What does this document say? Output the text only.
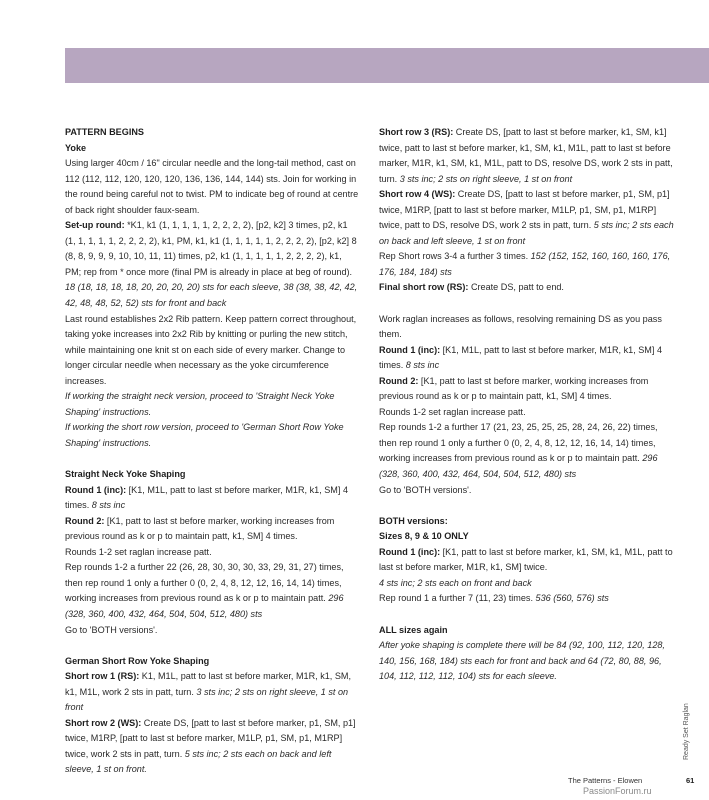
PATTERN BEGINS

Yoke

Using larger 40cm / 16" circular needle and the long-tail method, cast on 112 (112, 112, 120, 120, 120, 136, 136, 144, 144) sts. Join for working in the round being careful not to twist. PM to indicate beg of round at centre of back right shoulder faux-seam.

Set-up round: *K1, k1 (1, 1, 1, 1, 1, 2, 2, 2, 2), [p2, k2] 3 times, p2, k1 (1, 1, 1, 1, 1, 2, 2, 2, 2), k1, PM, k1, k1 (1, 1, 1, 1, 1, 2, 2, 2, 2), [p2, k2] 8 (8, 8, 9, 9, 9, 10, 10, 11, 11) times, p2, k1 (1, 1, 1, 1, 1, 2, 2, 2, 2), k1, PM; rep from * once more (final PM is already in place at beg of round). 18 (18, 18, 18, 18, 20, 20, 20, 20) sts for each sleeve, 38 (38, 38, 42, 42, 42, 48, 48, 52, 52) sts for front and back

Last round establishes 2x2 Rib pattern. Keep pattern correct throughout, taking yoke increases into 2x2 Rib by knitting or purling the new stitch, while maintaining one knit st on each side of every marker. Change to longer circular needle when necessary as the yoke circumference increases.

If working the straight neck version, proceed to 'Straight Neck Yoke Shaping' instructions.

If working the short row version, proceed to 'German Short Row Yoke Shaping' instructions.

Straight Neck Yoke Shaping

Round 1 (inc): [K1, M1L, patt to last st before marker, M1R, k1, SM] 4 times. 8 sts inc

Round 2: [K1, patt to last st before marker, working increases from previous round as k or p to maintain patt, k1, SM] 4 times.

Rounds 1-2 set raglan increase patt.

Rep rounds 1-2 a further 22 (26, 28, 30, 30, 30, 33, 29, 31, 27) times, then rep round 1 only a further 0 (0, 2, 4, 8, 12, 12, 16, 14, 14) times, working increases from previous round as k or p to maintain patt. 296 (328, 360, 400, 432, 464, 504, 504, 512, 480) sts

Go to 'BOTH versions'.

German Short Row Yoke Shaping

Short row 1 (RS): K1, M1L, patt to last st before marker, M1R, k1, SM, k1, M1L, work 2 sts in patt, turn. 3 sts inc; 2 sts on right sleeve, 1 st on front

Short row 2 (WS): Create DS, [patt to last st before marker, p1, SM, p1] twice, M1RP, [patt to last st before marker, M1LP, p1, SM, p1, M1RP] twice, work 2 sts in patt, turn. 5 sts inc; 2 sts each on back and left sleeve, 1 st on front.

Short row 3 (RS): Create DS, [patt to last st before marker, k1, SM, k1] twice, patt to last st before marker, k1, SM, k1, M1L, patt to last st before marker, M1R, k1, SM, k1, M1L, patt to DS, resolve DS, work 2 sts in patt, turn. 3 sts inc; 2 sts on right sleeve, 1 st on front

Short row 4 (WS): Create DS, [patt to last st before marker, p1, SM, p1] twice, M1RP, [patt to last st before marker, M1LP, p1, SM, p1, M1RP] twice, patt to DS, resolve DS, work 2 sts in patt, turn. 5 sts inc; 2 sts each on back and left sleeve, 1 st on front

Rep Short rows 3-4 a further 3 times. 152 (152, 152, 160, 160, 160, 176, 176, 184, 184) sts

Final short row (RS): Create DS, patt to end.

Work raglan increases as follows, resolving remaining DS as you pass them.

Round 1 (inc): [K1, M1L, patt to last st before marker, M1R, k1, SM] 4 times. 8 sts inc

Round 2: [K1, patt to last st before marker, working increases from previous round as k or p to maintain patt, k1, SM] 4 times.

Rounds 1-2 set raglan increase patt.

Rep rounds 1-2 a further 17 (21, 23, 25, 25, 25, 28, 24, 26, 22) times, then rep round 1 only a further 0 (0, 2, 4, 8, 12, 12, 16, 14, 14) times, working increases from previous round as k or p to maintain patt. 296 (328, 360, 400, 432, 464, 504, 504, 512, 480) sts

Go to 'BOTH versions'.

BOTH versions:

Sizes 8, 9 & 10 ONLY

Round 1 (inc): [K1, patt to last st before marker, k1, SM, k1, M1L, patt to last st before marker, M1R, k1, SM] twice.
4 sts inc; 2 sts each on front and back

Rep round 1 a further 7 (11, 23) times. 536 (560, 576) sts

ALL sizes again

After yoke shaping is complete there will be 84 (92, 100, 112, 120, 128, 140, 156, 168, 184) sts each for front and back and 64 (72, 80, 88, 96, 104, 112, 112, 112, 104) sts for each sleeve.

Ready Set Raglan
The Patterns - Elowen	61
PassionForum.ru
